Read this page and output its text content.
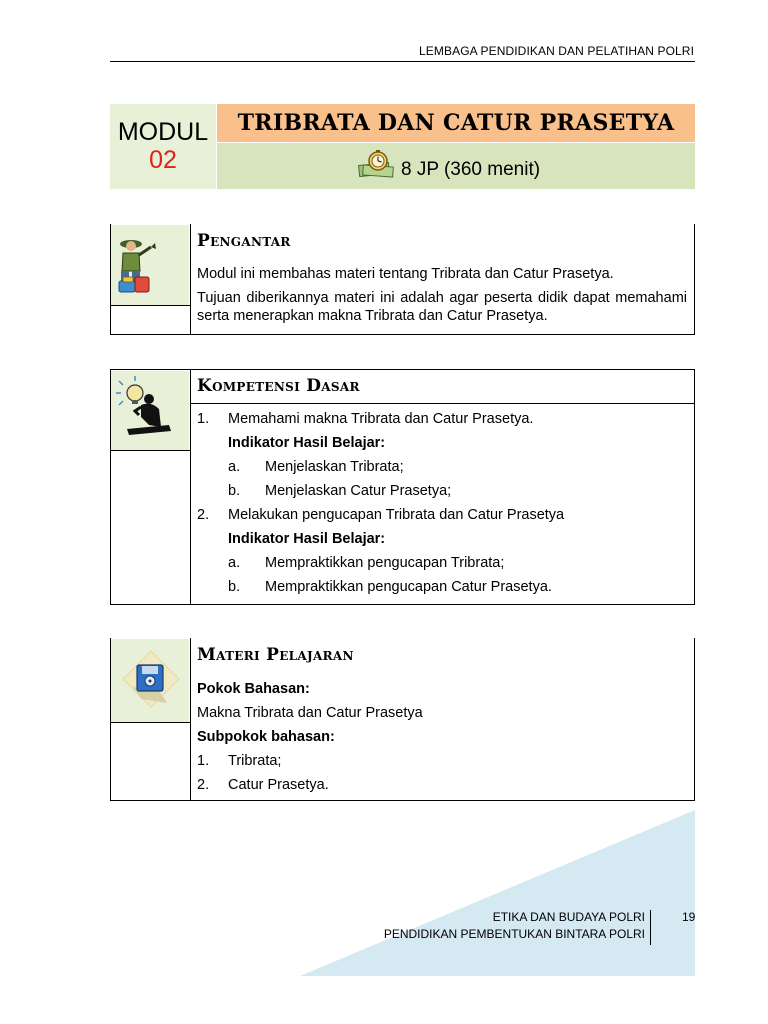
LEMBAGA PENDIDIKAN DAN PELATIHAN POLRI
MODUL
02
TRIBRATA DAN CATUR PRASETYA
8 JP (360 menit)
Pengantar

Modul ini membahas materi tentang Tribrata dan Catur Prasetya.

Tujuan diberikannya materi ini adalah agar peserta didik dapat memahami serta menerapkan makna Tribrata dan Catur Prasetya.

Kompetensi Dasar
1. Memahami makna Tribrata dan Catur Prasetya.
Indikator Hasil Belajar:
a. Menjelaskan Tribrata;
b. Menjelaskan Catur Prasetya;
2. Melakukan pengucapan Tribrata dan Catur Prasetya
Indikator Hasil Belajar:
a. Mempraktikkan pengucapan Tribrata;
b. Mempraktikkan pengucapan Catur Prasetya.
Materi Pelajaran
Pokok Bahasan:
Makna Tribrata dan Catur Prasetya
Subpokok bahasan:
1. Tribrata;
2. Catur Prasetya.
ETIKA DAN BUDAYA POLRI
PENDIDIKAN PEMBENTUKAN BINTARA POLRI
19
